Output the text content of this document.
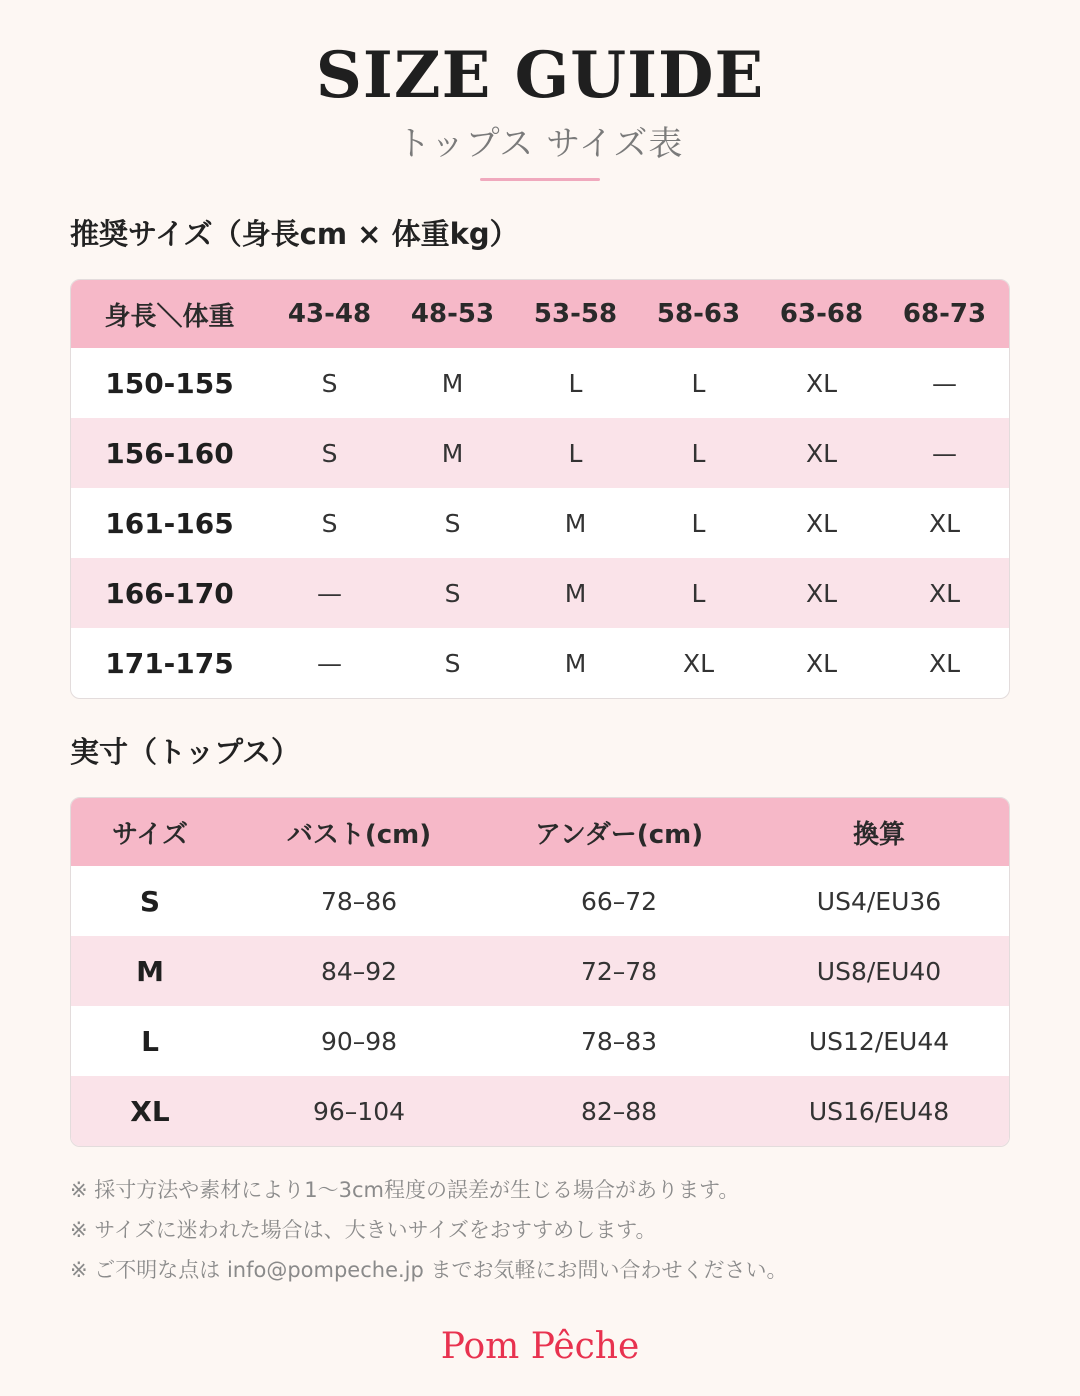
SIZE GUIDE
トップス サイズ表
推奨サイズ（身長cm × 体重kg）
身長＼体重	43-48	48-53	53-58	58-63	63-68	68-73
150-155	S	M	L	L	XL	—
156-160	S	M	L	L	XL	—
161-165	S	S	M	L	XL	XL
166-170	—	S	M	L	XL	XL
171-175	—	S	M	XL	XL	XL
実寸（トップス）
サイズ	バスト(cm)	アンダー(cm)	換算
S	78–86	66–72	US4/EU36
M	84–92	72–78	US8/EU40
L	90–98	78–83	US12/EU44
XL	96–104	82–88	US16/EU48
※ 採寸方法や素材により1〜3cm程度の誤差が生じる場合があります。
※ サイズに迷われた場合は、大きいサイズをおすすめします。
※ ご不明な点は info@pompeche.jp までお気軽にお問い合わせください。
Pom Pêche
